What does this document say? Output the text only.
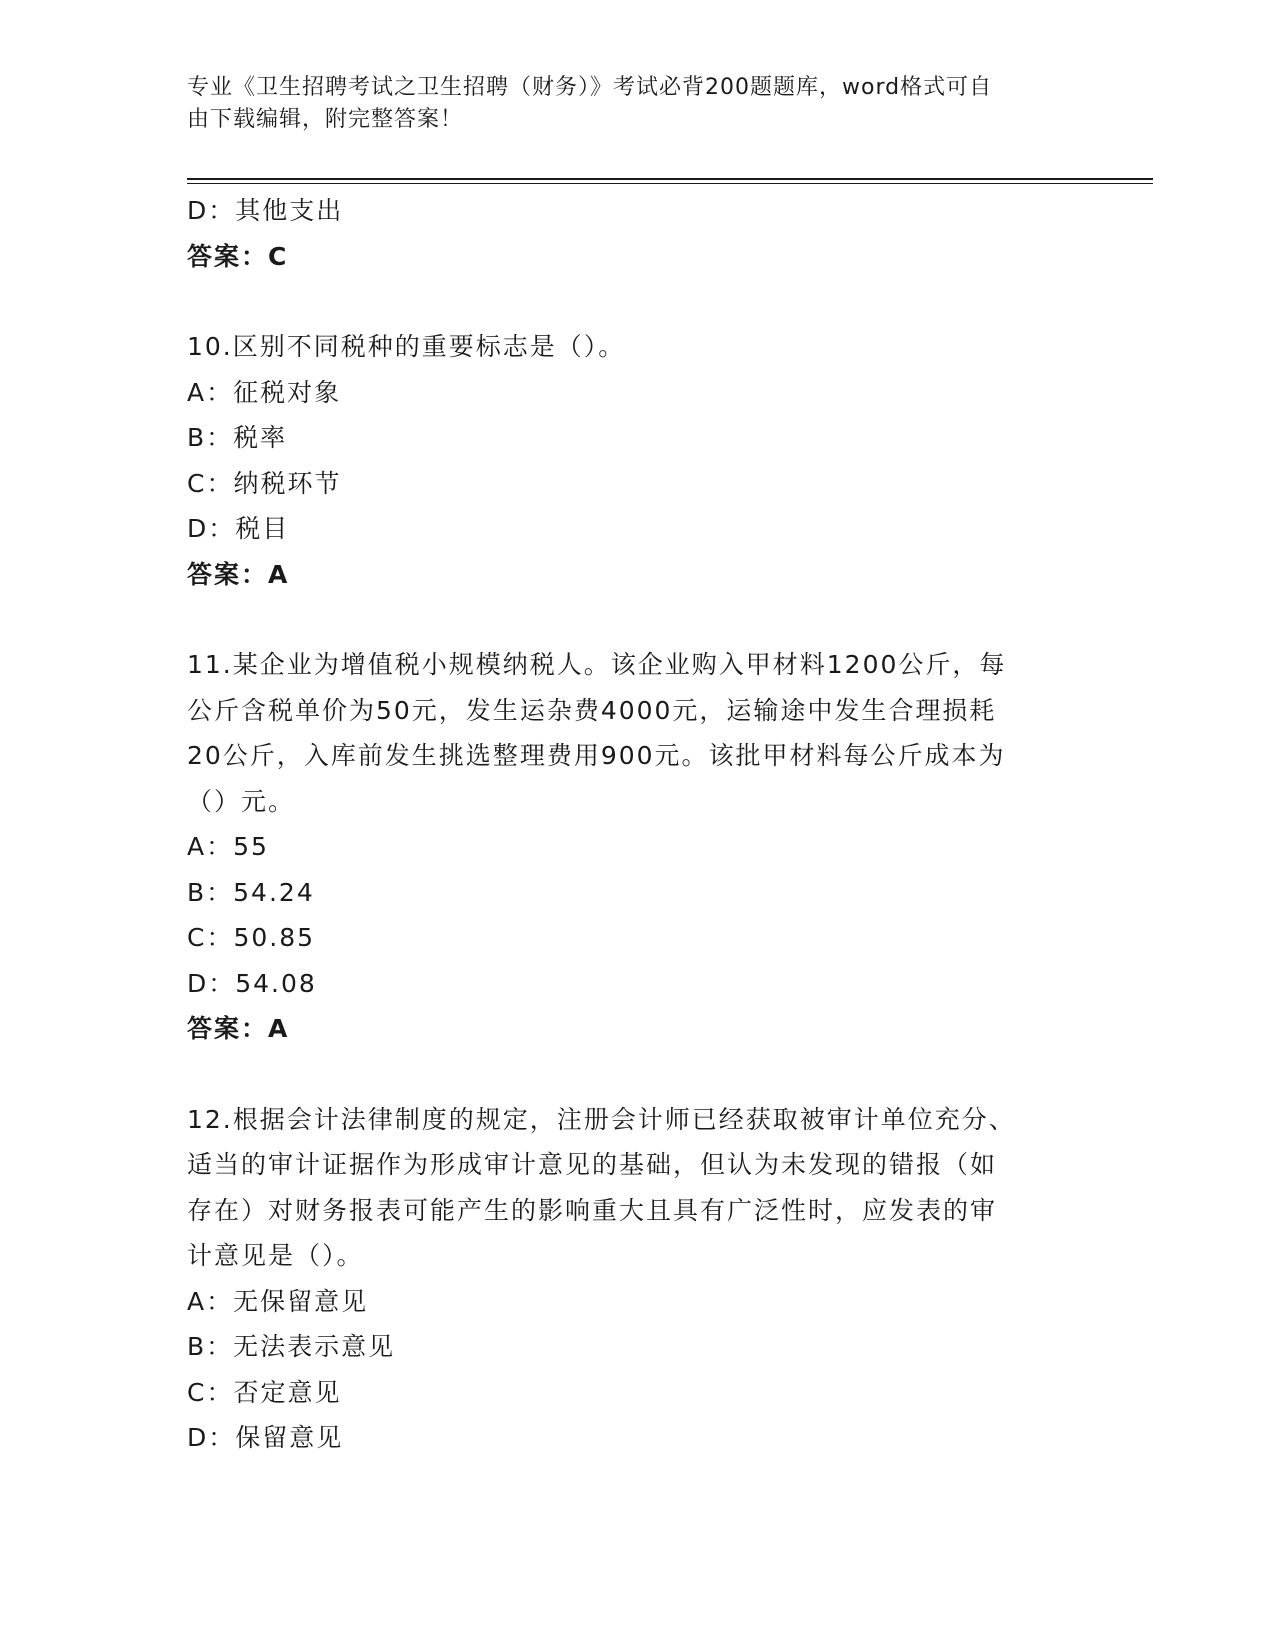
专业《卫生招聘考试之卫生招聘（财务）》考试必背200题题库，word格式可自
由下载编辑，附完整答案！
D：其他支出
答案：C
10.区别不同税种的重要标志是（）。
A：征税对象
B：税率
C：纳税环节
D：税目
答案：A
11.某企业为增值税小规模纳税人。该企业购入甲材料1200公斤，每
公斤含税单价为50元，发生运杂费4000元，运输途中发生合理损耗
20公斤，入库前发生挑选整理费用900元。该批甲材料每公斤成本为
（）元。
A：55
B：54.24
C：50.85
D：54.08
答案：A
12.根据会计法律制度的规定，注册会计师已经获取被审计单位充分、
适当的审计证据作为形成审计意见的基础，但认为未发现的错报（如
存在）对财务报表可能产生的影响重大且具有广泛性时，应发表的审
计意见是（）。
A：无保留意见
B：无法表示意见
C：否定意见
D：保留意见
